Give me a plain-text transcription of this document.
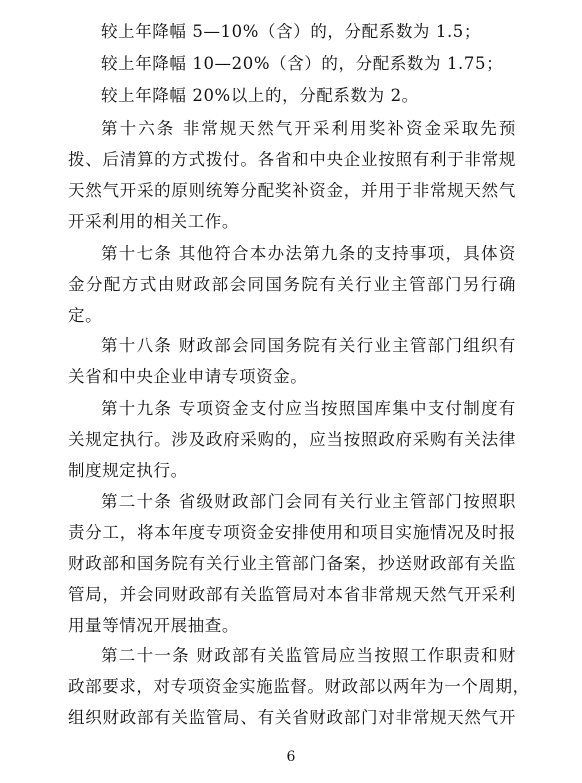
较上年降幅 5—10%（含）的，分配系数为 1.5；
较上年降幅 10—20%（含）的，分配系数为 1.75；
较上年降幅 20%以上的，分配系数为 2。
第十六条 非常规天然气开采利用奖补资金采取先预
拨、后清算的方式拨付。各省和中央企业按照有利于非常规
天然气开采的原则统筹分配奖补资金，并用于非常规天然气
开采利用的相关工作。
第十七条 其他符合本办法第九条的支持事项，具体资
金分配方式由财政部会同国务院有关行业主管部门另行确
定。
第十八条 财政部会同国务院有关行业主管部门组织有
关省和中央企业申请专项资金。
第十九条 专项资金支付应当按照国库集中支付制度有
关规定执行。涉及政府采购的，应当按照政府采购有关法律
制度规定执行。
第二十条 省级财政部门会同有关行业主管部门按照职
责分工，将本年度专项资金安排使用和项目实施情况及时报
财政部和国务院有关行业主管部门备案，抄送财政部有关监
管局，并会同财政部有关监管局对本省非常规天然气开采利
用量等情况开展抽查。
第二十一条 财政部有关监管局应当按照工作职责和财
政部要求，对专项资金实施监督。财政部以两年为一个周期，
组织财政部有关监管局、有关省财政部门对非常规天然气开
6
